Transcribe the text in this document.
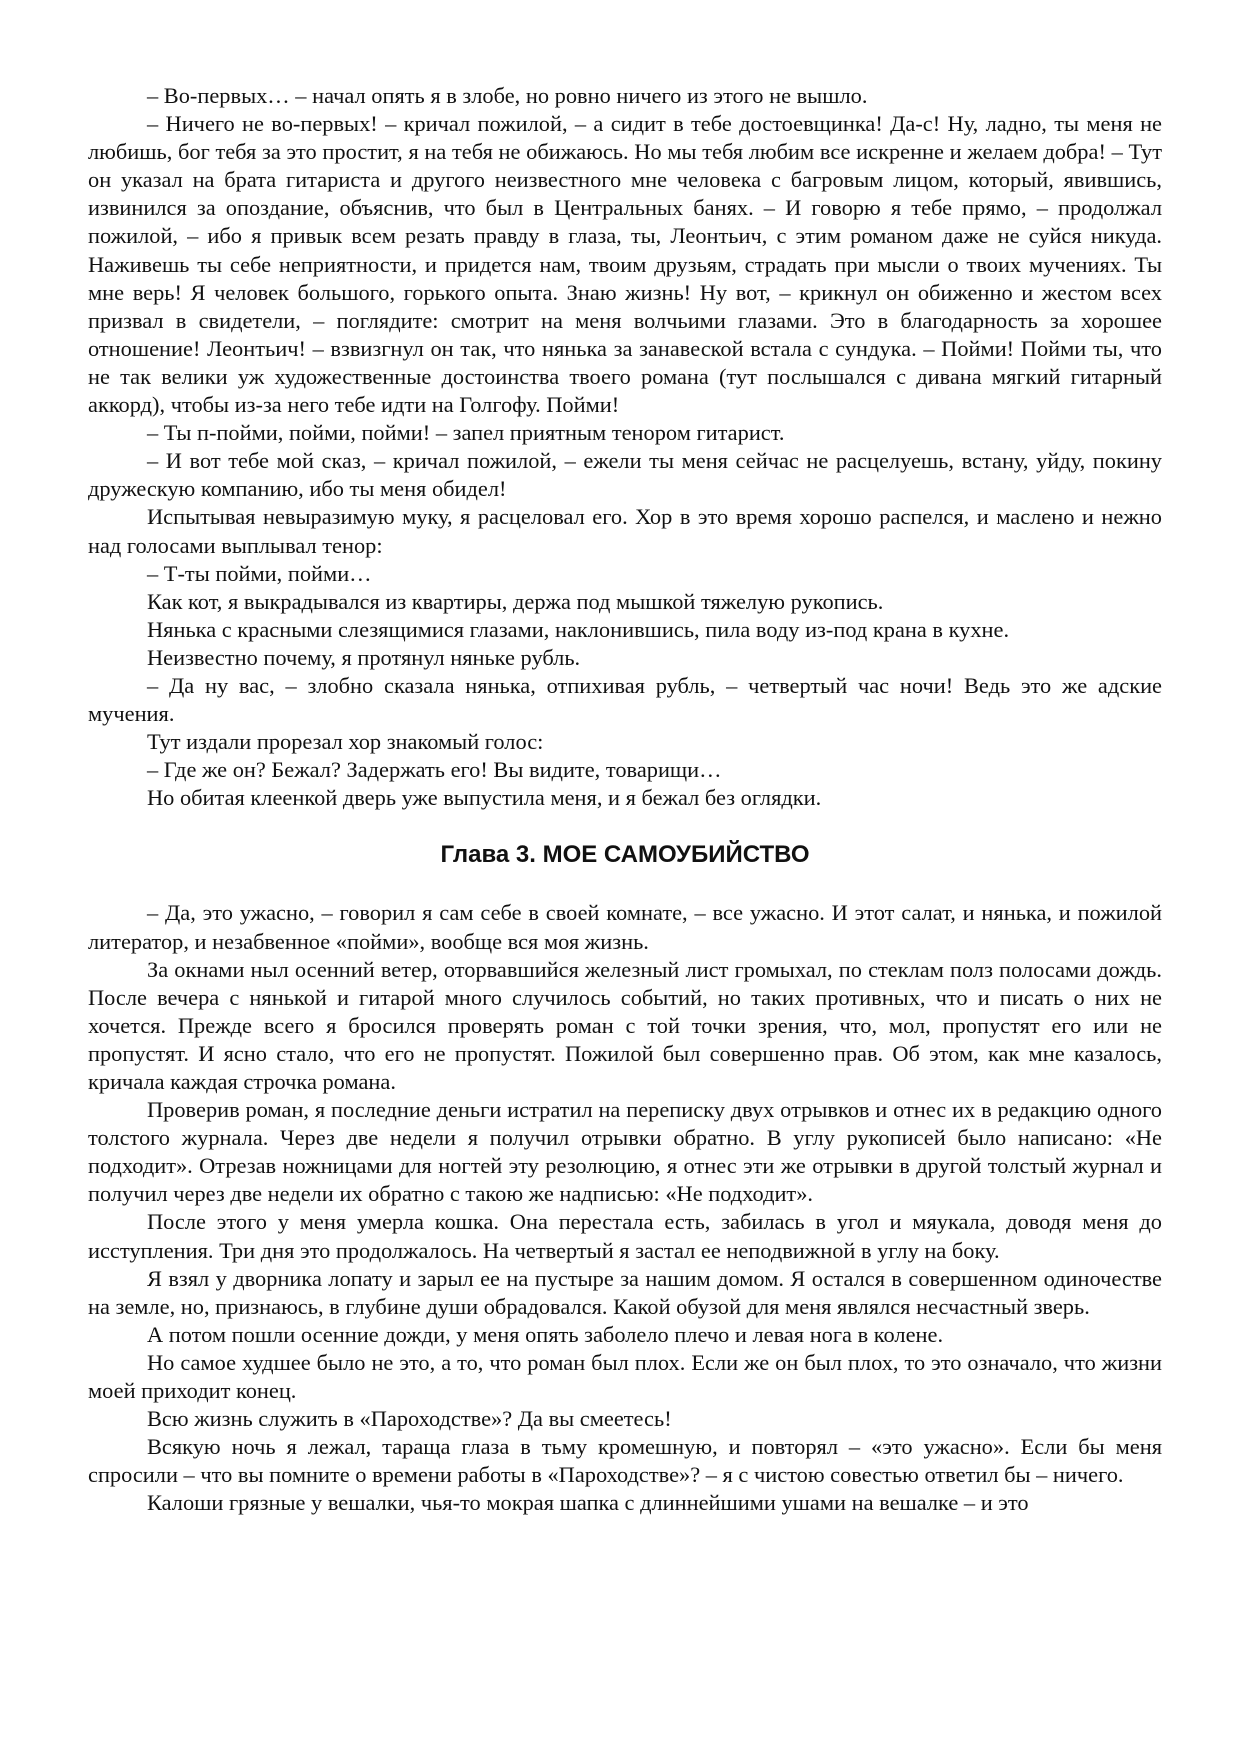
– Во-первых… – начал опять я в злобе, но ровно ничего из этого не вышло.

– Ничего не во-первых! – кричал пожилой, – а сидит в тебе достоевщинка! Да-с! Ну, ладно, ты меня не любишь, бог тебя за это простит, я на тебя не обижаюсь. Но мы тебя любим все искренне и желаем добра! – Тут он указал на брата гитариста и другого неизвестного мне человека с багровым лицом, который, явившись, извинился за опоздание, объяснив, что был в Центральных банях. – И говорю я тебе прямо, – продолжал пожилой, – ибо я привык всем резать правду в глаза, ты, Леонтьич, с этим романом даже не суйся никуда. Наживешь ты себе неприятности, и придется нам, твоим друзьям, страдать при мысли о твоих мучениях. Ты мне верь! Я человек большого, горького опыта. Знаю жизнь! Ну вот, – крикнул он обиженно и жестом всех призвал в свидетели, – поглядите: смотрит на меня волчьими глазами. Это в благодарность за хорошее отношение! Леонтьич! – взвизгнул он так, что нянька за занавеской встала с сундука. – Пойми! Пойми ты, что не так велики уж художественные достоинства твоего романа (тут послышался с дивана мягкий гитарный аккорд), чтобы из-за него тебе идти на Голгофу. Пойми!

– Ты п-пойми, пойми, пойми! – запел приятным тенором гитарист.

– И вот тебе мой сказ, – кричал пожилой, – ежели ты меня сейчас не расцелуешь, встану, уйду, покину дружескую компанию, ибо ты меня обидел!

Испытывая невыразимую муку, я расцеловал его. Хор в это время хорошо распелся, и маслено и нежно над голосами выплывал тенор:

– Т-ты пойми, пойми…

Как кот, я выкрадывался из квартиры, держа под мышкой тяжелую рукопись.

Нянька с красными слезящимися глазами, наклонившись, пила воду из-под крана в кухне.

Неизвестно почему, я протянул няньке рубль.

– Да ну вас, – злобно сказала нянька, отпихивая рубль, – четвертый час ночи! Ведь это же адские мучения.

Тут издали прорезал хор знакомый голос:

– Где же он? Бежал? Задержать его! Вы видите, товарищи…

Но обитая клеенкой дверь уже выпустила меня, и я бежал без оглядки.

Глава 3. МОЕ САМОУБИЙСТВО

– Да, это ужасно, – говорил я сам себе в своей комнате, – все ужасно. И этот салат, и нянька, и пожилой литератор, и незабвенное «пойми», вообще вся моя жизнь.

За окнами ныл осенний ветер, оторвавшийся железный лист громыхал, по стеклам полз полосами дождь. После вечера с нянькой и гитарой много случилось событий, но таких противных, что и писать о них не хочется. Прежде всего я бросился проверять роман с той точки зрения, что, мол, пропустят его или не пропустят. И ясно стало, что его не пропустят. Пожилой был совершенно прав. Об этом, как мне казалось, кричала каждая строчка романа.

Проверив роман, я последние деньги истратил на переписку двух отрывков и отнес их в редакцию одного толстого журнала. Через две недели я получил отрывки обратно. В углу рукописей было написано: «Не подходит». Отрезав ножницами для ногтей эту резолюцию, я отнес эти же отрывки в другой толстый журнал и получил через две недели их обратно с такою же надписью: «Не подходит».

После этого у меня умерла кошка. Она перестала есть, забилась в угол и мяукала, доводя меня до исступления. Три дня это продолжалось. На четвертый я застал ее неподвижной в углу на боку.

Я взял у дворника лопату и зарыл ее на пустыре за нашим домом. Я остался в совершенном одиночестве на земле, но, признаюсь, в глубине души обрадовался. Какой обузой для меня являлся несчастный зверь.

А потом пошли осенние дожди, у меня опять заболело плечо и левая нога в колене.

Но самое худшее было не это, а то, что роман был плох. Если же он был плох, то это означало, что жизни моей приходит конец.

Всю жизнь служить в «Пароходстве»? Да вы смеетесь!

Всякую ночь я лежал, тараща глаза в тьму кромешную, и повторял – «это ужасно». Если бы меня спросили – что вы помните о времени работы в «Пароходстве»? – я с чистою совестью ответил бы – ничего.

Калоши грязные у вешалки, чья-то мокрая шапка с длиннейшими ушами на вешалке – и это
